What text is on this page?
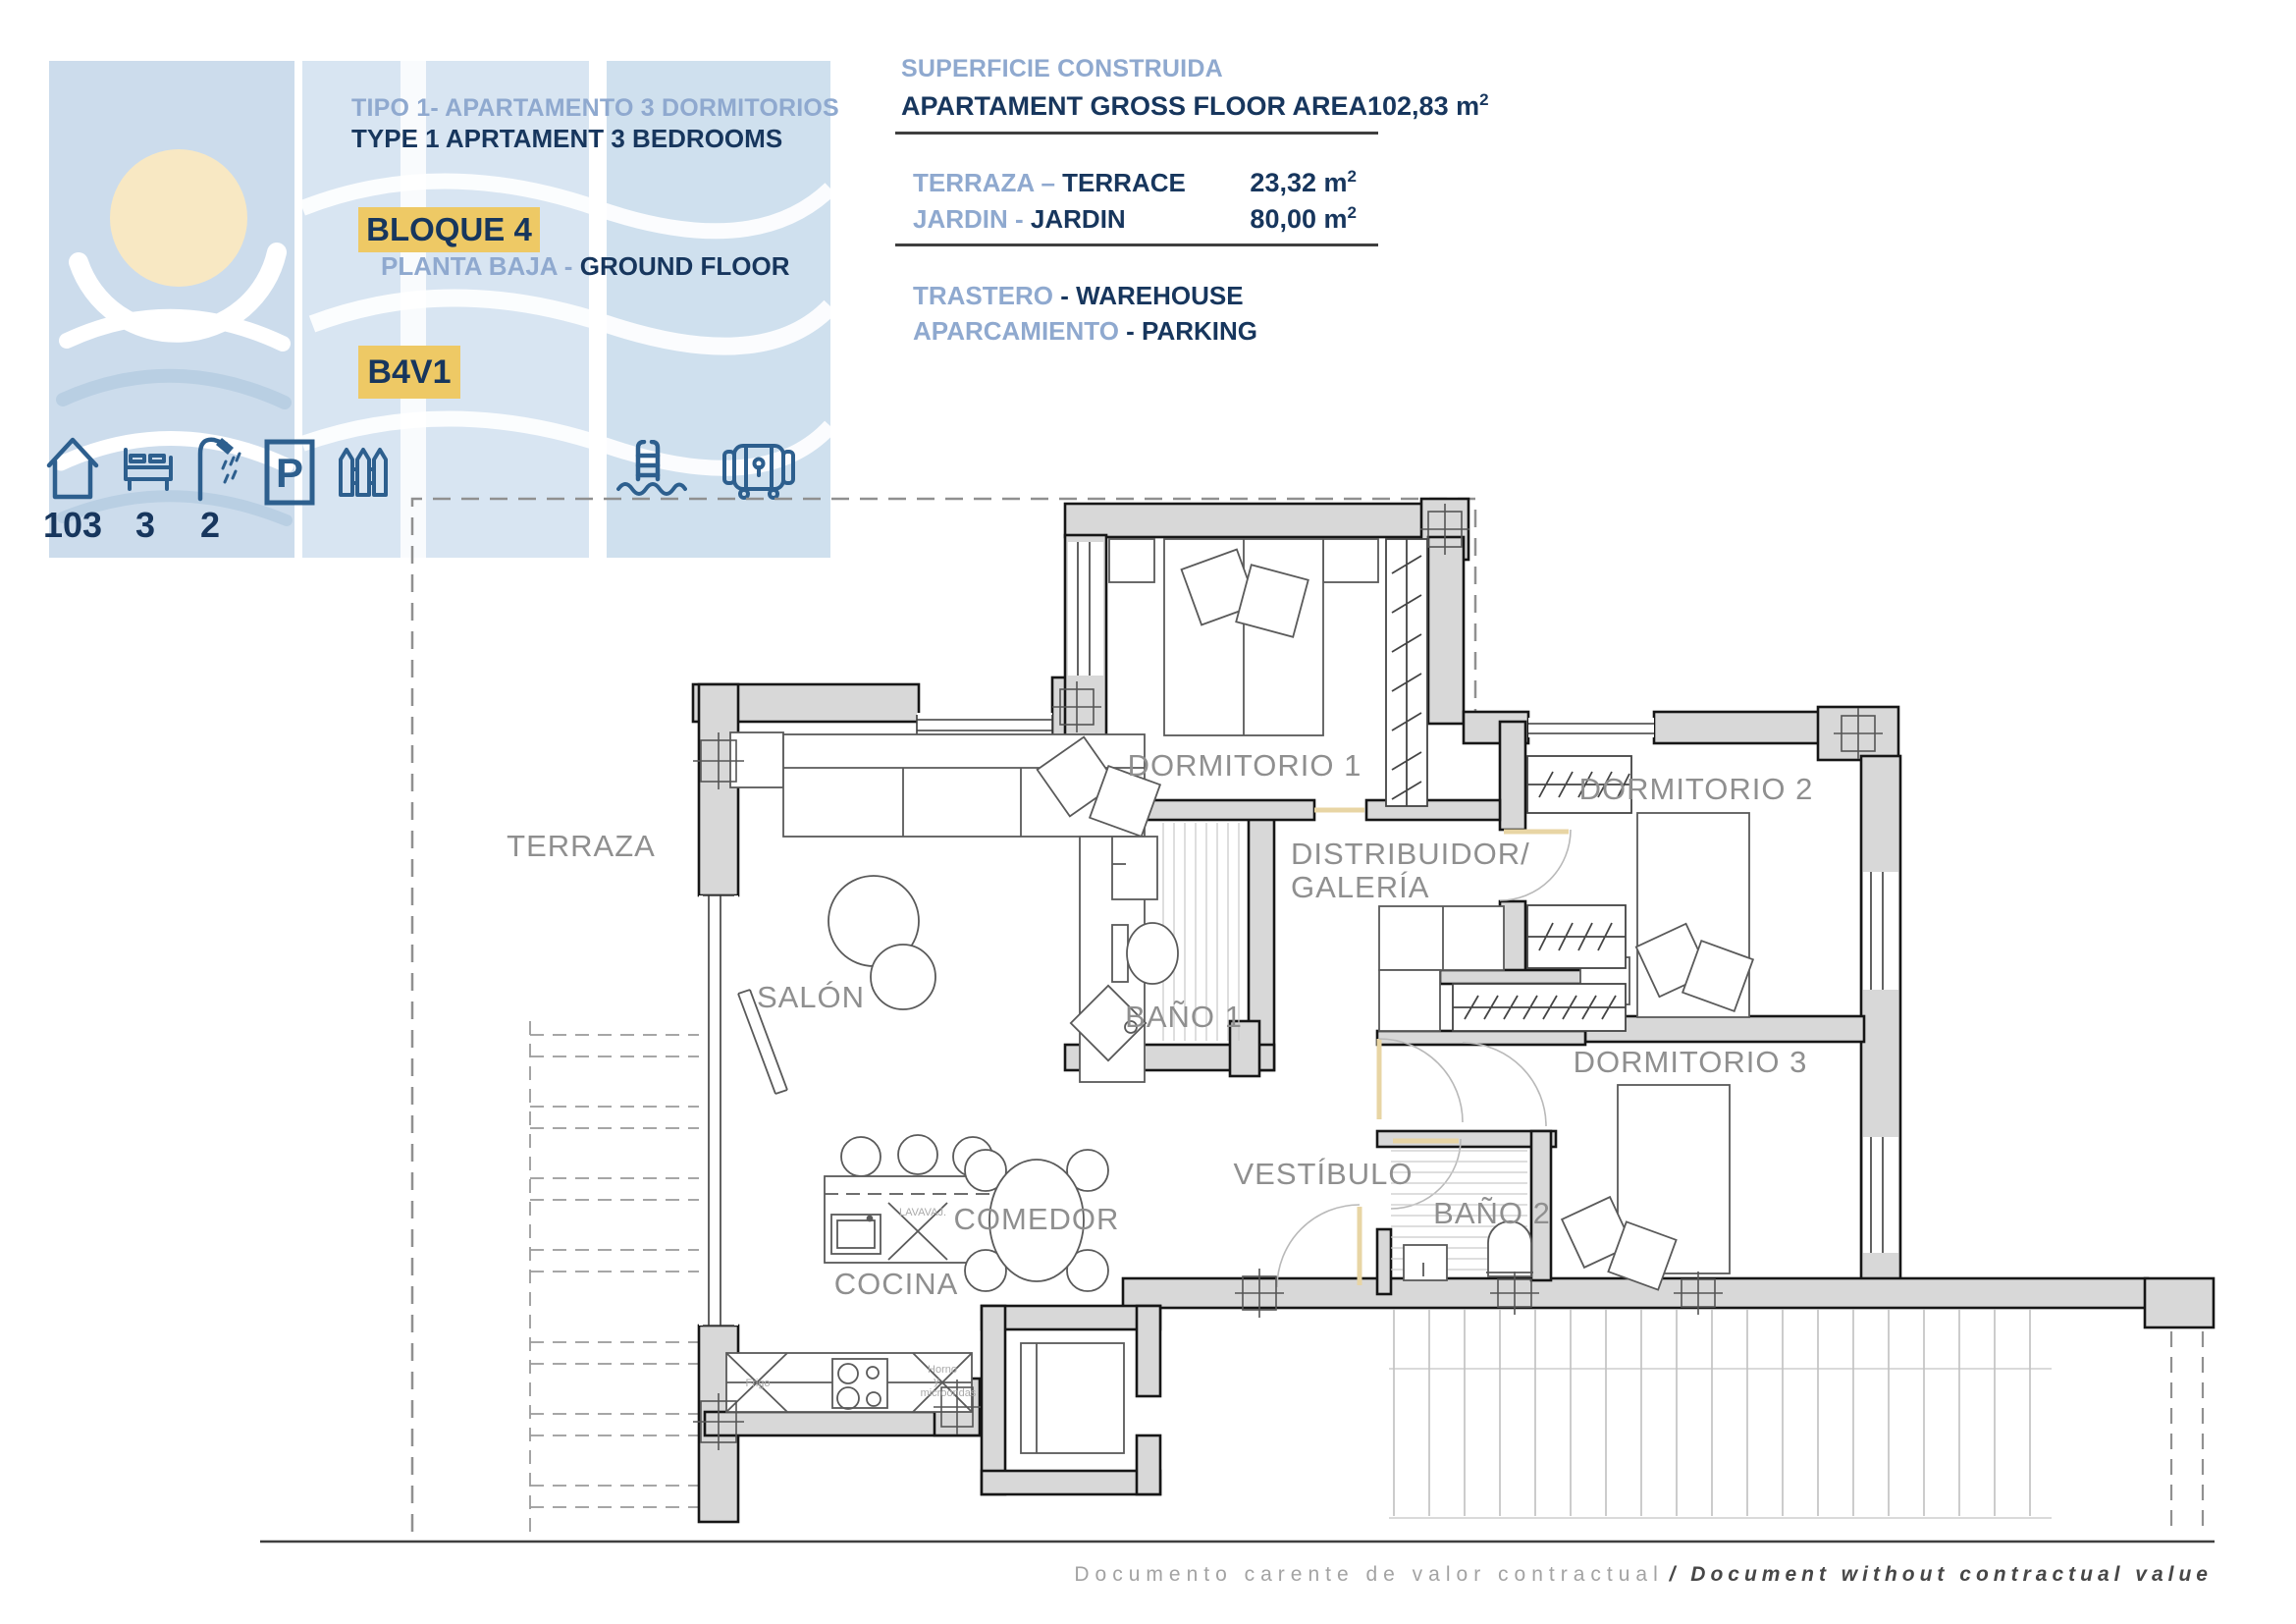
TIPO 1- APARTAMENTO 3 DORMITORIOS
TYPE 1 APRTAMENT 3 BEDROOMS
BLOQUE 4
PLANTA BAJA - GROUND FLOOR
B4V1
P
103 3	2
SUPERFICIE CONSTRUIDA
APARTAMENT GROSS FLOOR AREA 102,83 $m^2$
TERRAZA – TERRACE 23,32 $m^2$
JARDIN - JARDIN	80,00 $m^2$
TRASTERO - WAREHOUSE
APARCAMIENTO - PARKING
TERRAZA
SALÓN
COCINA
COMEDOR
DORMITORIO 1
DISTRIBUIDOR/
GALERÍA
BAÑO 1
VESTÍBULO
BAÑO 2
DORMITORIO 2
DORMITORIO 3
LAVAVAJ.
Frigo
Horno
y
microondas
Documento carente de valor contractual / Document without contractual value
